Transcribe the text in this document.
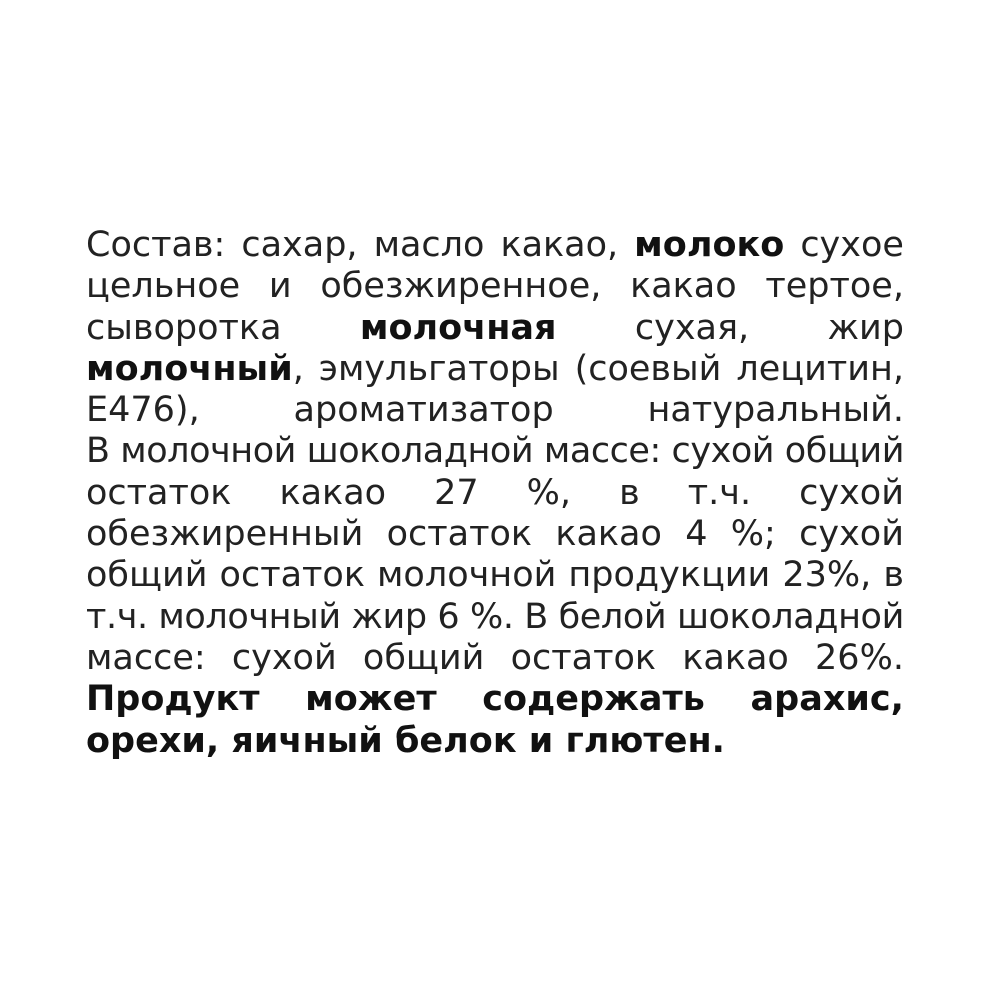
Состав: сахар, масло какао, молоко сухое
цельное и обезжиренное, какао тертое,
сыворотка молочная сухая, жир
молочный, эмульгаторы (соевый лецитин,
Е476),	ароматизатор	натуральный.
В молочной шоколадной массе: сухой общий
остаток какао 27 %, в т.ч. сухой
обезжиренный остаток какао 4 %; сухой
общий остаток молочной продукции 23%, в
т.ч. молочный жир 6 %. В белой шоколадной
массе: сухой общий остаток какао 26%.
Продукт может содержать арахис,
орехи, яичный белок и глютен.
